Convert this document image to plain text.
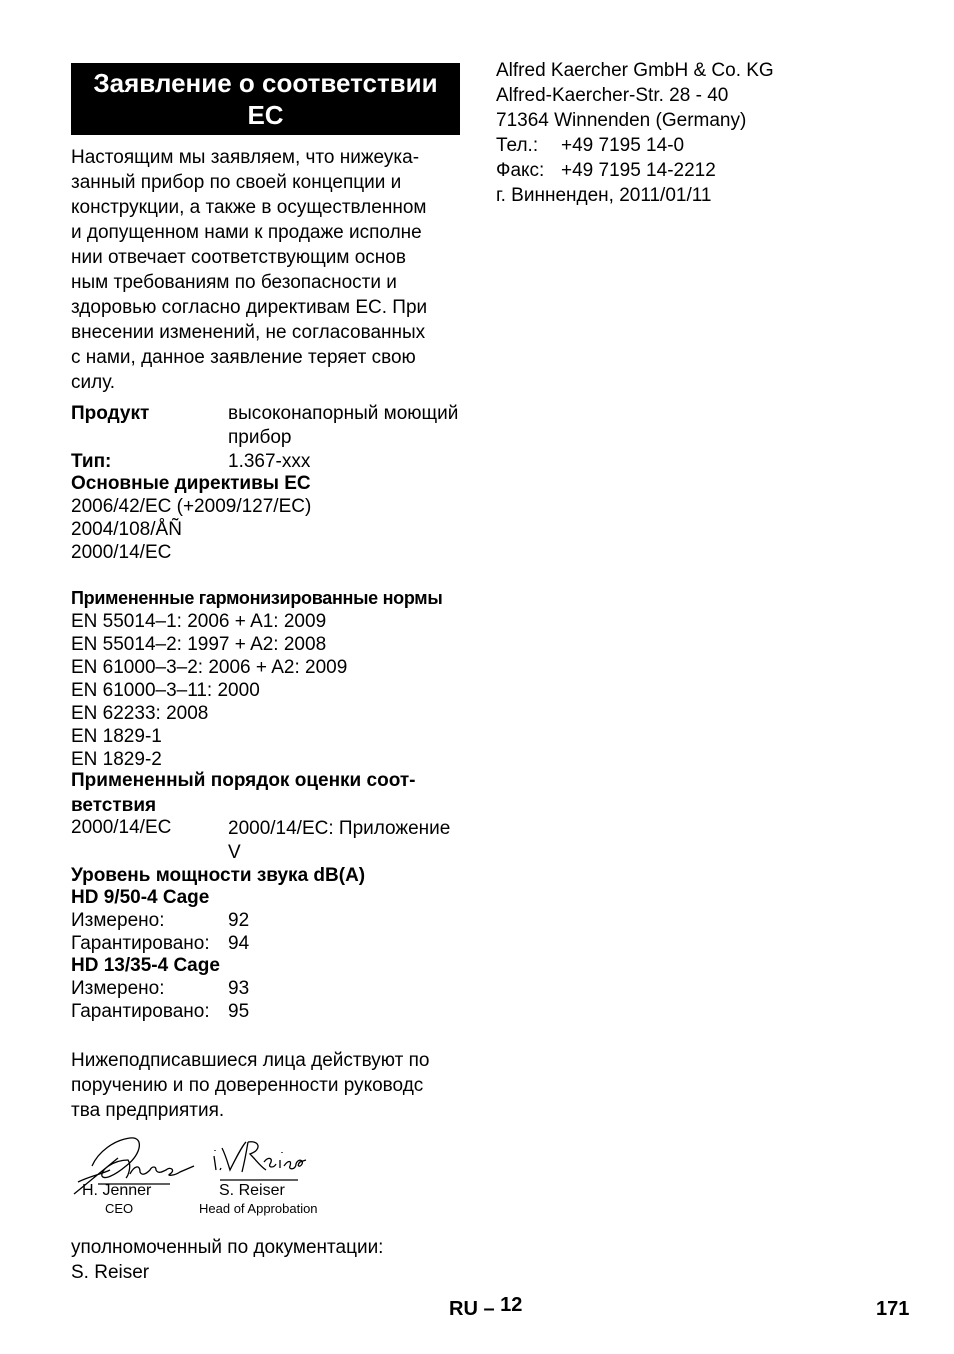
Заявление о соответствии
ЕС
Настоящим мы заявляем, что нижеука-
занный прибор по своей концепции и
конструкции, а также в осуществленном
и допущенном нами к продаже исполне
нии отвечает соответствующим основ
ным требованиям по безопасности и
здоровью согласно директивам ЕС. При
внесении изменений, не согласованных
с нами, данное заявление теряет свою
силу.
Продукт	высоконапорный моющий
прибор
Тип:	1.367-xxx
Основные директивы ЕС
2006/42/EC (+2009/127/EC)
2004/108/ÅÑ
2000/14/EC
Примененные гармонизированные нормы
EN 55014–1: 2006 + A1: 2009
EN 55014–2: 1997 + A2: 2008
EN 61000–3–2: 2006 + A2: 2009
EN 61000–3–11: 2000
EN 62233: 2008
EN 1829-1
EN 1829-2
Примененный порядок оценки соот-
ветствия
2000/14/EC	2000/14/EC: Приложение
V
Уровень мощности звука dB(A)
HD 9/50-4 Cage
Измерено:	92
Гарантировано: 94
HD 13/35-4 Cage
Измерено:	93
Гарантировано: 95
Нижеподписавшиеся лица действуют по
поручению и по доверенности руководс
тва предприятия.
H. Jenner
CEO
S. Reiser
Head of Approbation
уполномоченный по документации:
S. Reiser
Alfred Kaercher GmbH & Co. KG
Alfred-Kaercher-Str. 28 - 40
71364 Winnenden (Germany)
Тел.: +49 7195 14-0
Факс: +49 7195 14-2212
г. Винненден, 2011/01/11
RU – 12	171
